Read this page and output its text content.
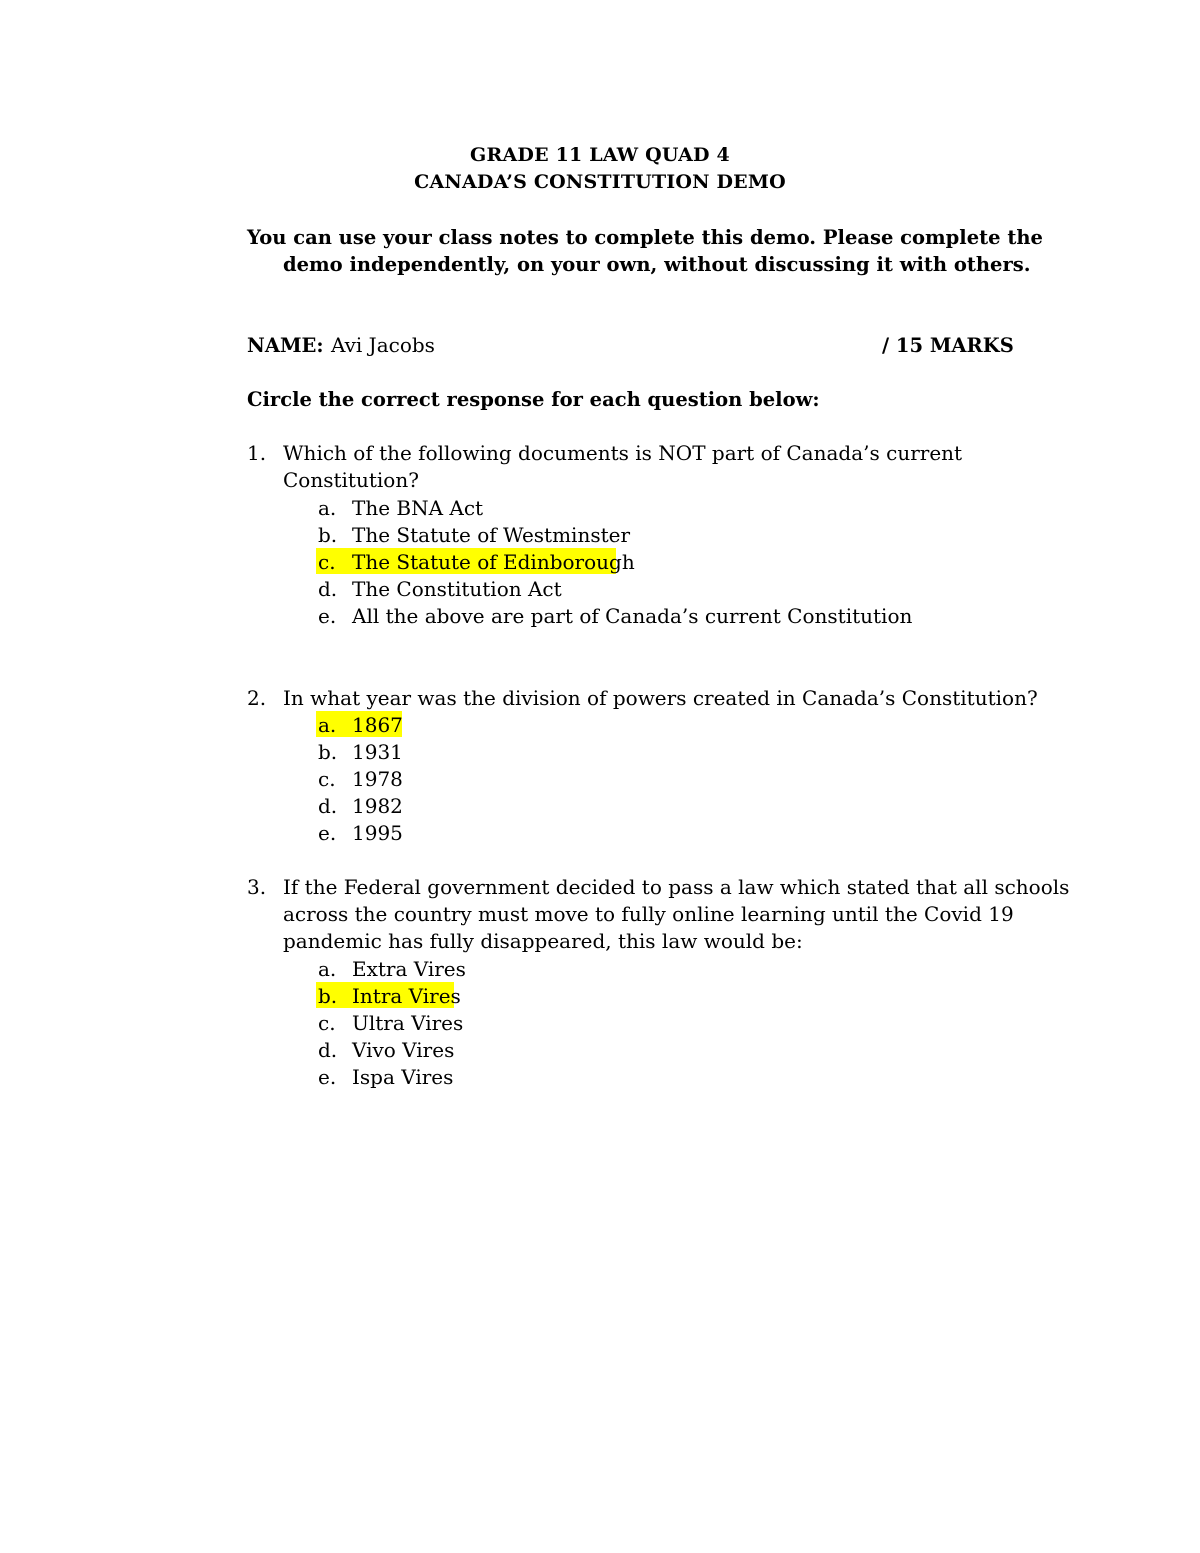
GRADE 11 LAW QUAD 4
CANADA’S CONSTITUTION DEMO
You can use your class notes to complete this demo. Please complete the
demo independently, on your own, without discussing it with others.
NAME: Avi Jacobs	/ 15 MARKS
Circle the correct response for each question below:
1. Which of the following documents is NOT part of Canada’s current
Constitution?
a. The BNA Act
b. The Statute of Westminster
c. The Statute of Edinborough
d. The Constitution Act
e. All the above are part of Canada’s current Constitution
2. In what year was the division of powers created in Canada’s Constitution?
a. 1867
b. 1931
c. 1978
d. 1982
e. 1995
3. If the Federal government decided to pass a law which stated that all schools
across the country must move to fully online learning until the Covid 19
pandemic has fully disappeared, this law would be:
a. Extra Vires
b. Intra Vires
c. Ultra Vires
d. Vivo Vires
e. Ispa Vires
